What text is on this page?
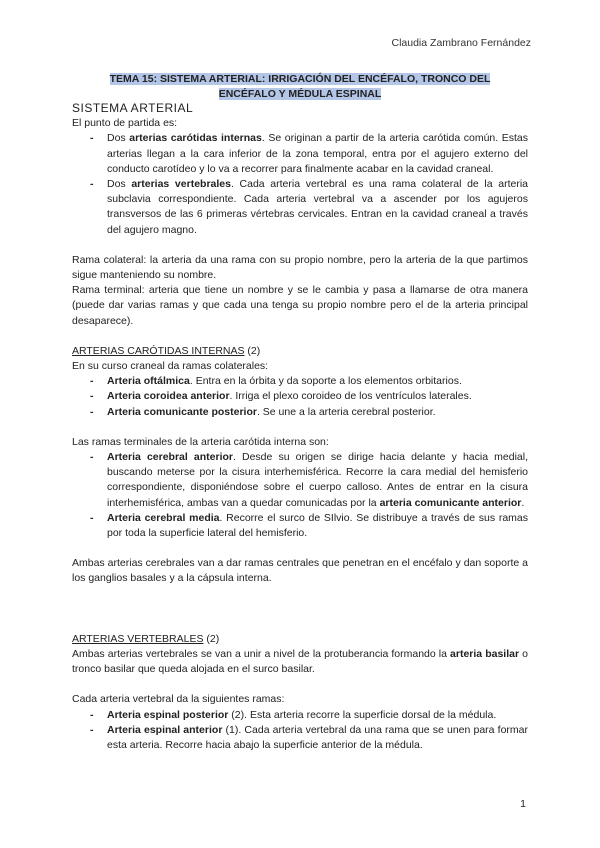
Claudia Zambrano Fernández
TEMA 15: SISTEMA ARTERIAL: IRRIGACIÓN DEL ENCÉFALO, TRONCO DEL
ENCÉFALO Y MÉDULA ESPINAL

SISTEMA ARTERIAL

El punto de partida es:

- Dos arterias carótidas internas. Se originan a partir de la arteria carótida común. Estas arterias llegan a la cara inferior de la zona temporal, entra por el agujero externo del conducto carotídeo y lo va a recorrer para finalmente acabar en la cavidad craneal.
- Dos arterias vertebrales. Cada arteria vertebral es una rama colateral de la arteria subclavia correspondiente. Cada arteria vertebral va a ascender por los agujeros transversos de las 6 primeras vértebras cervicales. Entran en la cavidad craneal a través del agujero magno.

Rama colateral: la arteria da una rama con su propio nombre, pero la arteria de la que partimos sigue manteniendo su nombre.

Rama terminal: arteria que tiene un nombre y se le cambia y pasa a llamarse de otra manera (puede dar varias ramas y que cada una tenga su propio nombre pero el de la arteria principal desaparece).

ARTERIAS CARÓTIDAS INTERNAS (2)

En su curso craneal da ramas colaterales:

- Arteria oftálmica. Entra en la órbita y da soporte a los elementos orbitarios.
- Arteria coroidea anterior. Irriga el plexo coroideo de los ventrículos laterales.
- Arteria comunicante posterior. Se une a la arteria cerebral posterior.

Las ramas terminales de la arteria carótida interna son:

- Arteria cerebral anterior. Desde su origen se dirige hacia delante y hacia medial, buscando meterse por la cisura interhemisférica. Recorre la cara medial del hemisferio correspondiente, disponiéndose sobre el cuerpo calloso. Antes de entrar en la cisura interhemisférica, ambas van a quedar comunicadas por la arteria comunicante anterior.
- Arteria cerebral media. Recorre el surco de SIlvio. Se distribuye a través de sus ramas por toda la superficie lateral del hemisferio.

Ambas arterias cerebrales van a dar ramas centrales que penetran en el encéfalo y dan soporte a los ganglios basales y a la cápsula interna.

ARTERIAS VERTEBRALES (2)

Ambas arterias vertebrales se van a unir a nivel de la protuberancia formando la arteria basilar o tronco basilar que queda alojada en el surco basilar.

Cada arteria vertebral da la siguientes ramas:

- Arteria espinal posterior (2). Esta arteria recorre la superficie dorsal de la médula.
- Arteria espinal anterior (1). Cada arteria vertebral da una rama que se unen para formar esta arteria. Recorre hacia abajo la superficie anterior de la médula.
1
